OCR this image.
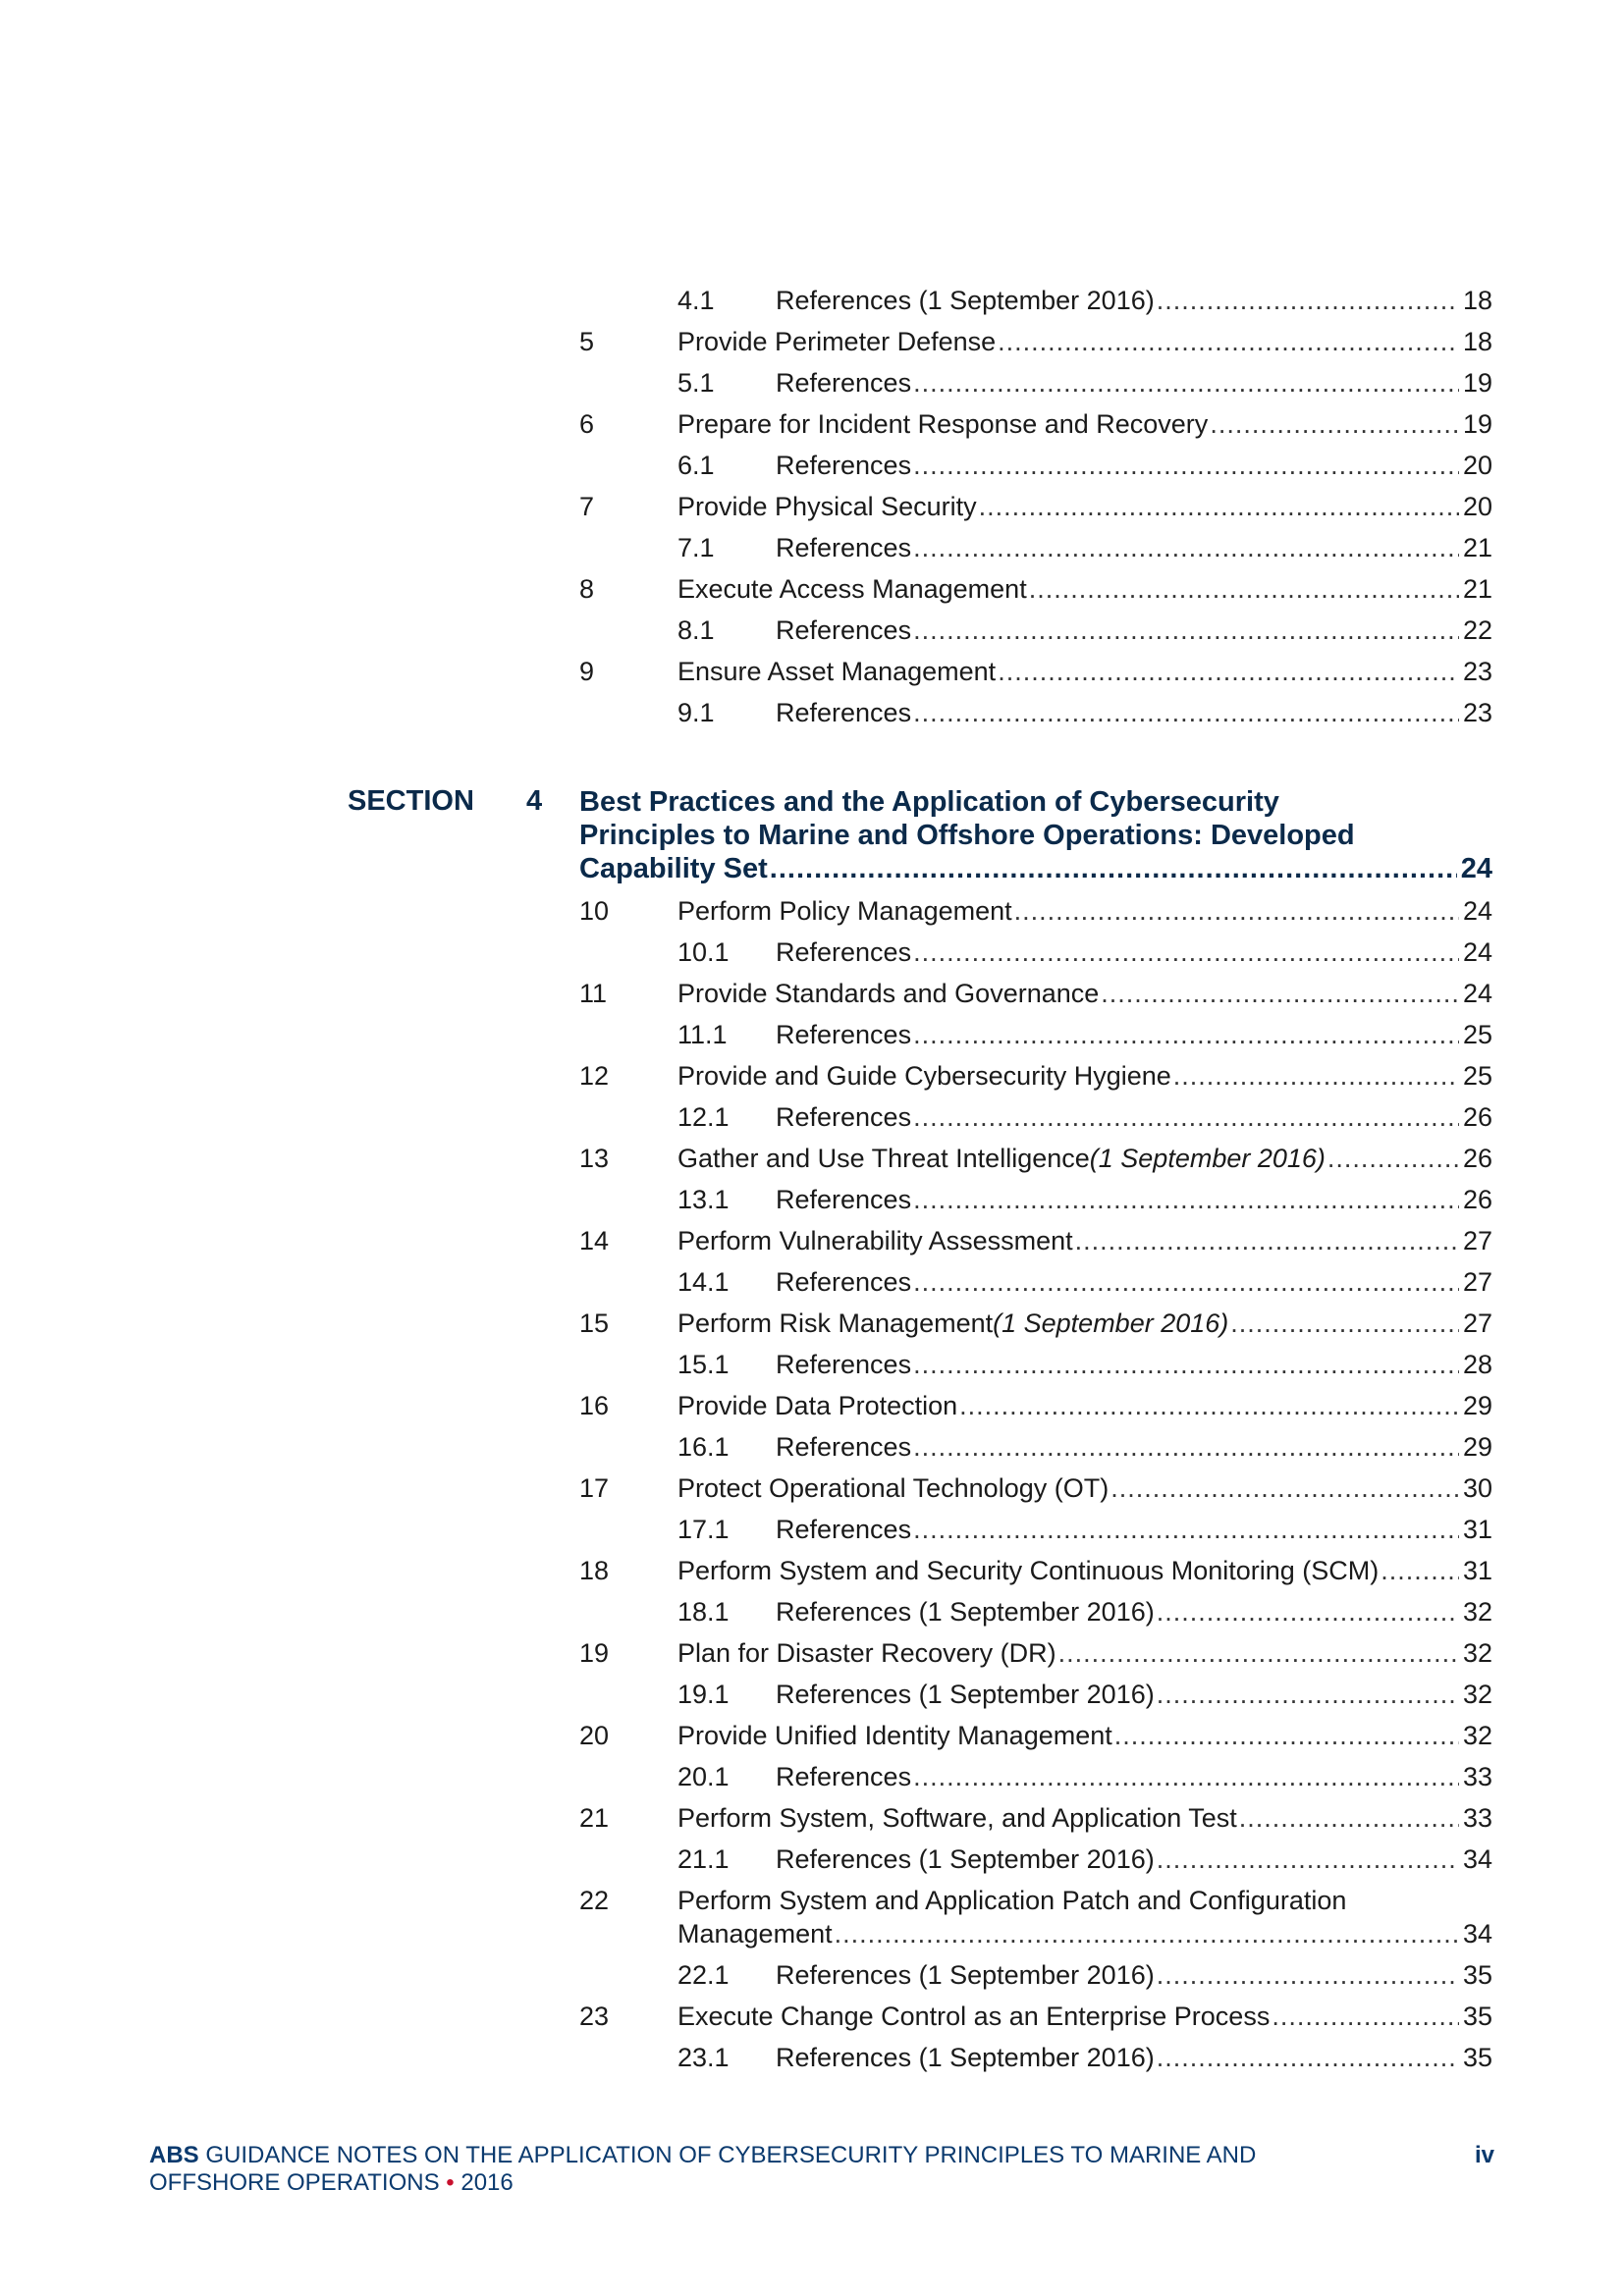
4.1 References (1 September 2016) .....	18
5	Provide Perimeter Defense .....	18
5.1 References .....	19
6	Prepare for Incident Response and Recovery .....	19
6.1 References .....	20
7	Provide Physical Security .....	20
7.1 References .....	21
8	Execute Access Management .....	21
8.1 References .....	22
9	Ensure Asset Management .....	23
9.1 References .....	23
SECTION 4 Best Practices and the Application of Cybersecurity
Principles to Marine and Offshore Operations: Developed
Capability Set .....	24
10	Perform Policy Management .....	24
10.1 References .....	24
11	Provide Standards and Governance .....	24
11.1 References .....	25
12	Provide and Guide Cybersecurity Hygiene .....	25
12.1 References .....	26
13	Gather and Use Threat Intelligence (1 September 2016) .....	26
13.1 References .....	26
14	Perform Vulnerability Assessment .....	27
14.1 References .....	27
15	Perform Risk Management (1 September 2016) .....	27
15.1 References .....	28
16	Provide Data Protection .....	29
16.1 References .....	29
17	Protect Operational Technology (OT) .....	30
17.1 References .....	31
18	Perform System and Security Continuous Monitoring (SCM) .....	31
18.1 References (1 September 2016) .....	32
19	Plan for Disaster Recovery (DR) .....	32
19.1 References (1 September 2016) .....	32
20	Provide Unified Identity Management .....	32
20.1 References .....	33
21	Perform System, Software, and Application Test .....	33
21.1 References (1 September 2016) .....	34
22	Perform System and Application Patch and Configuration
Management .....	34
22.1 References (1 September 2016) .....	35
23	Execute Change Control as an Enterprise Process .....	35
23.1 References (1 September 2016) .....	35
ABS GUIDANCE NOTES ON THE APPLICATION OF CYBERSECURITY PRINCIPLES TO MARINE AND
OFFSHORE OPERATIONS • 2016
iv
